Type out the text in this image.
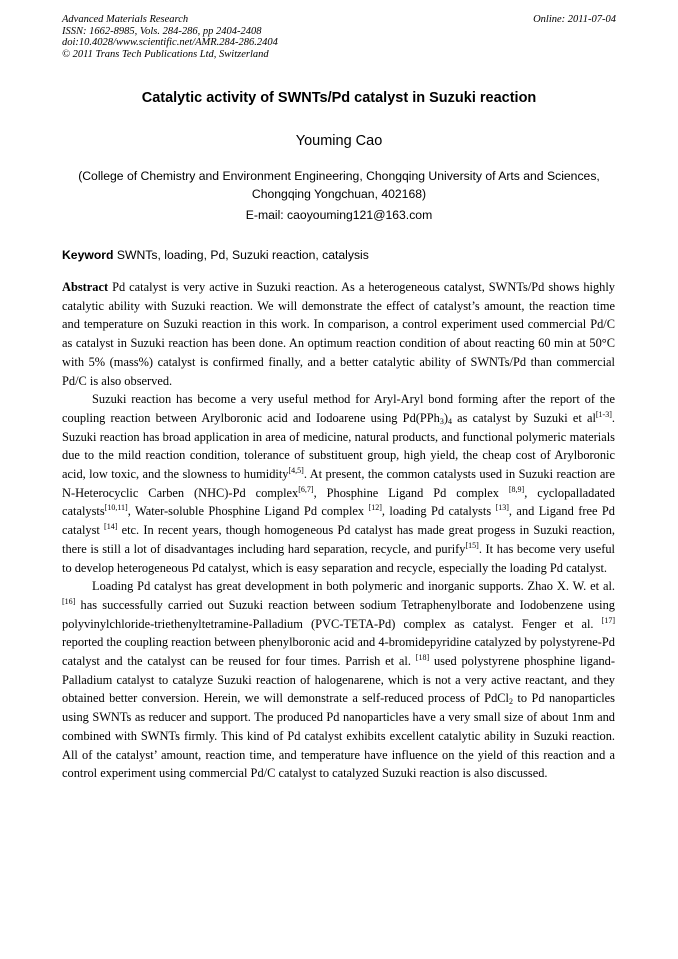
Advanced Materials Research
ISSN: 1662-8985, Vols. 284-286, pp 2404-2408
doi:10.4028/www.scientific.net/AMR.284-286.2404
© 2011 Trans Tech Publications Ltd, Switzerland
Online: 2011-07-04
Catalytic activity of SWNTs/Pd catalyst in Suzuki reaction
Youming Cao
(College of Chemistry and Environment Engineering, Chongqing University of Arts and Sciences,
Chongqing Yongchuan, 402168)
E-mail: caoyouming121@163.com
Keyword SWNTs, loading, Pd, Suzuki reaction, catalysis

Abstract Pd catalyst is very active in Suzuki reaction. As a heterogeneous catalyst, SWNTs/Pd shows highly catalytic ability with Suzuki reaction. We will demonstrate the effect of catalyst’s amount, the reaction time and temperature on Suzuki reaction in this work. In comparison, a control experiment used commercial Pd/C as catalyst in Suzuki reaction has been done. An optimum reaction condition of about reacting 60 min at 50°C with 5% (mass%) catalyst is confirmed finally, and a better catalytic ability of SWNTs/Pd than commercial Pd/C is also observed.

Suzuki reaction has become a very useful method for Aryl-Aryl bond forming after the report of the coupling reaction between Arylboronic acid and Iodoarene using $Pd(PPh_3)_4$ as catalyst by Suzuki et al[1-3]. Suzuki reaction has broad application in area of medicine, natural products, and functional polymeric materials due to the mild reaction condition, tolerance of substituent group, high yield, the cheap cost of Arylboronic acid, low toxic, and the slowness to humidity[4,5]. At present, the common catalysts used in Suzuki reaction are N-Heterocyclic Carben (NHC)-Pd complex[6,7], Phosphine Ligand Pd complex [8,9], cyclopalladated catalysts[10,11], Water-soluble Phosphine Ligand Pd complex [12], loading Pd catalysts [13], and Ligand free Pd catalyst [14] etc. In recent years, though homogeneous Pd catalyst has made great progess in Suzuki reaction, there is still a lot of disadvantages including hard separation, recycle, and purify[15]. It has become very useful to develop heterogeneous Pd catalyst, which is easy separation and recycle, especially the loading Pd catalyst.

Loading Pd catalyst has great development in both polymeric and inorganic supports. Zhao X. W. et al. [16] has successfully carried out Suzuki reaction between sodium Tetraphenylborate and Iodobenzene using polyvinylchloride-triethenyltetramine-Palladium (PVC-TETA-Pd) complex as catalyst. Fenger et al. [17] reported the coupling reaction between phenylboronic acid and 4-bromidepyridine catalyzed by polystyrene-Pd catalyst and the catalyst can be reused for four times. Parrish et al. [18] used polystyrene phosphine ligand-Palladium catalyst to catalyze Suzuki reaction of halogenarene, which is not a very active reactant, and they obtained better conversion. Herein, we will demonstrate a self-reduced process of PdCl$_2$ to Pd nanoparticles using SWNTs as reducer and support. The produced Pd nanoparticles have a very small size of about 1nm and combined with SWNTs firmly. This kind of Pd catalyst exhibits excellent catalytic ability in Suzuki reaction. All of the catalyst’ amount, reaction time, and temperature have influence on the yield of this reaction and a control experiment using commercial Pd/C catalyst to catalyzed Suzuki reaction is also discussed.
